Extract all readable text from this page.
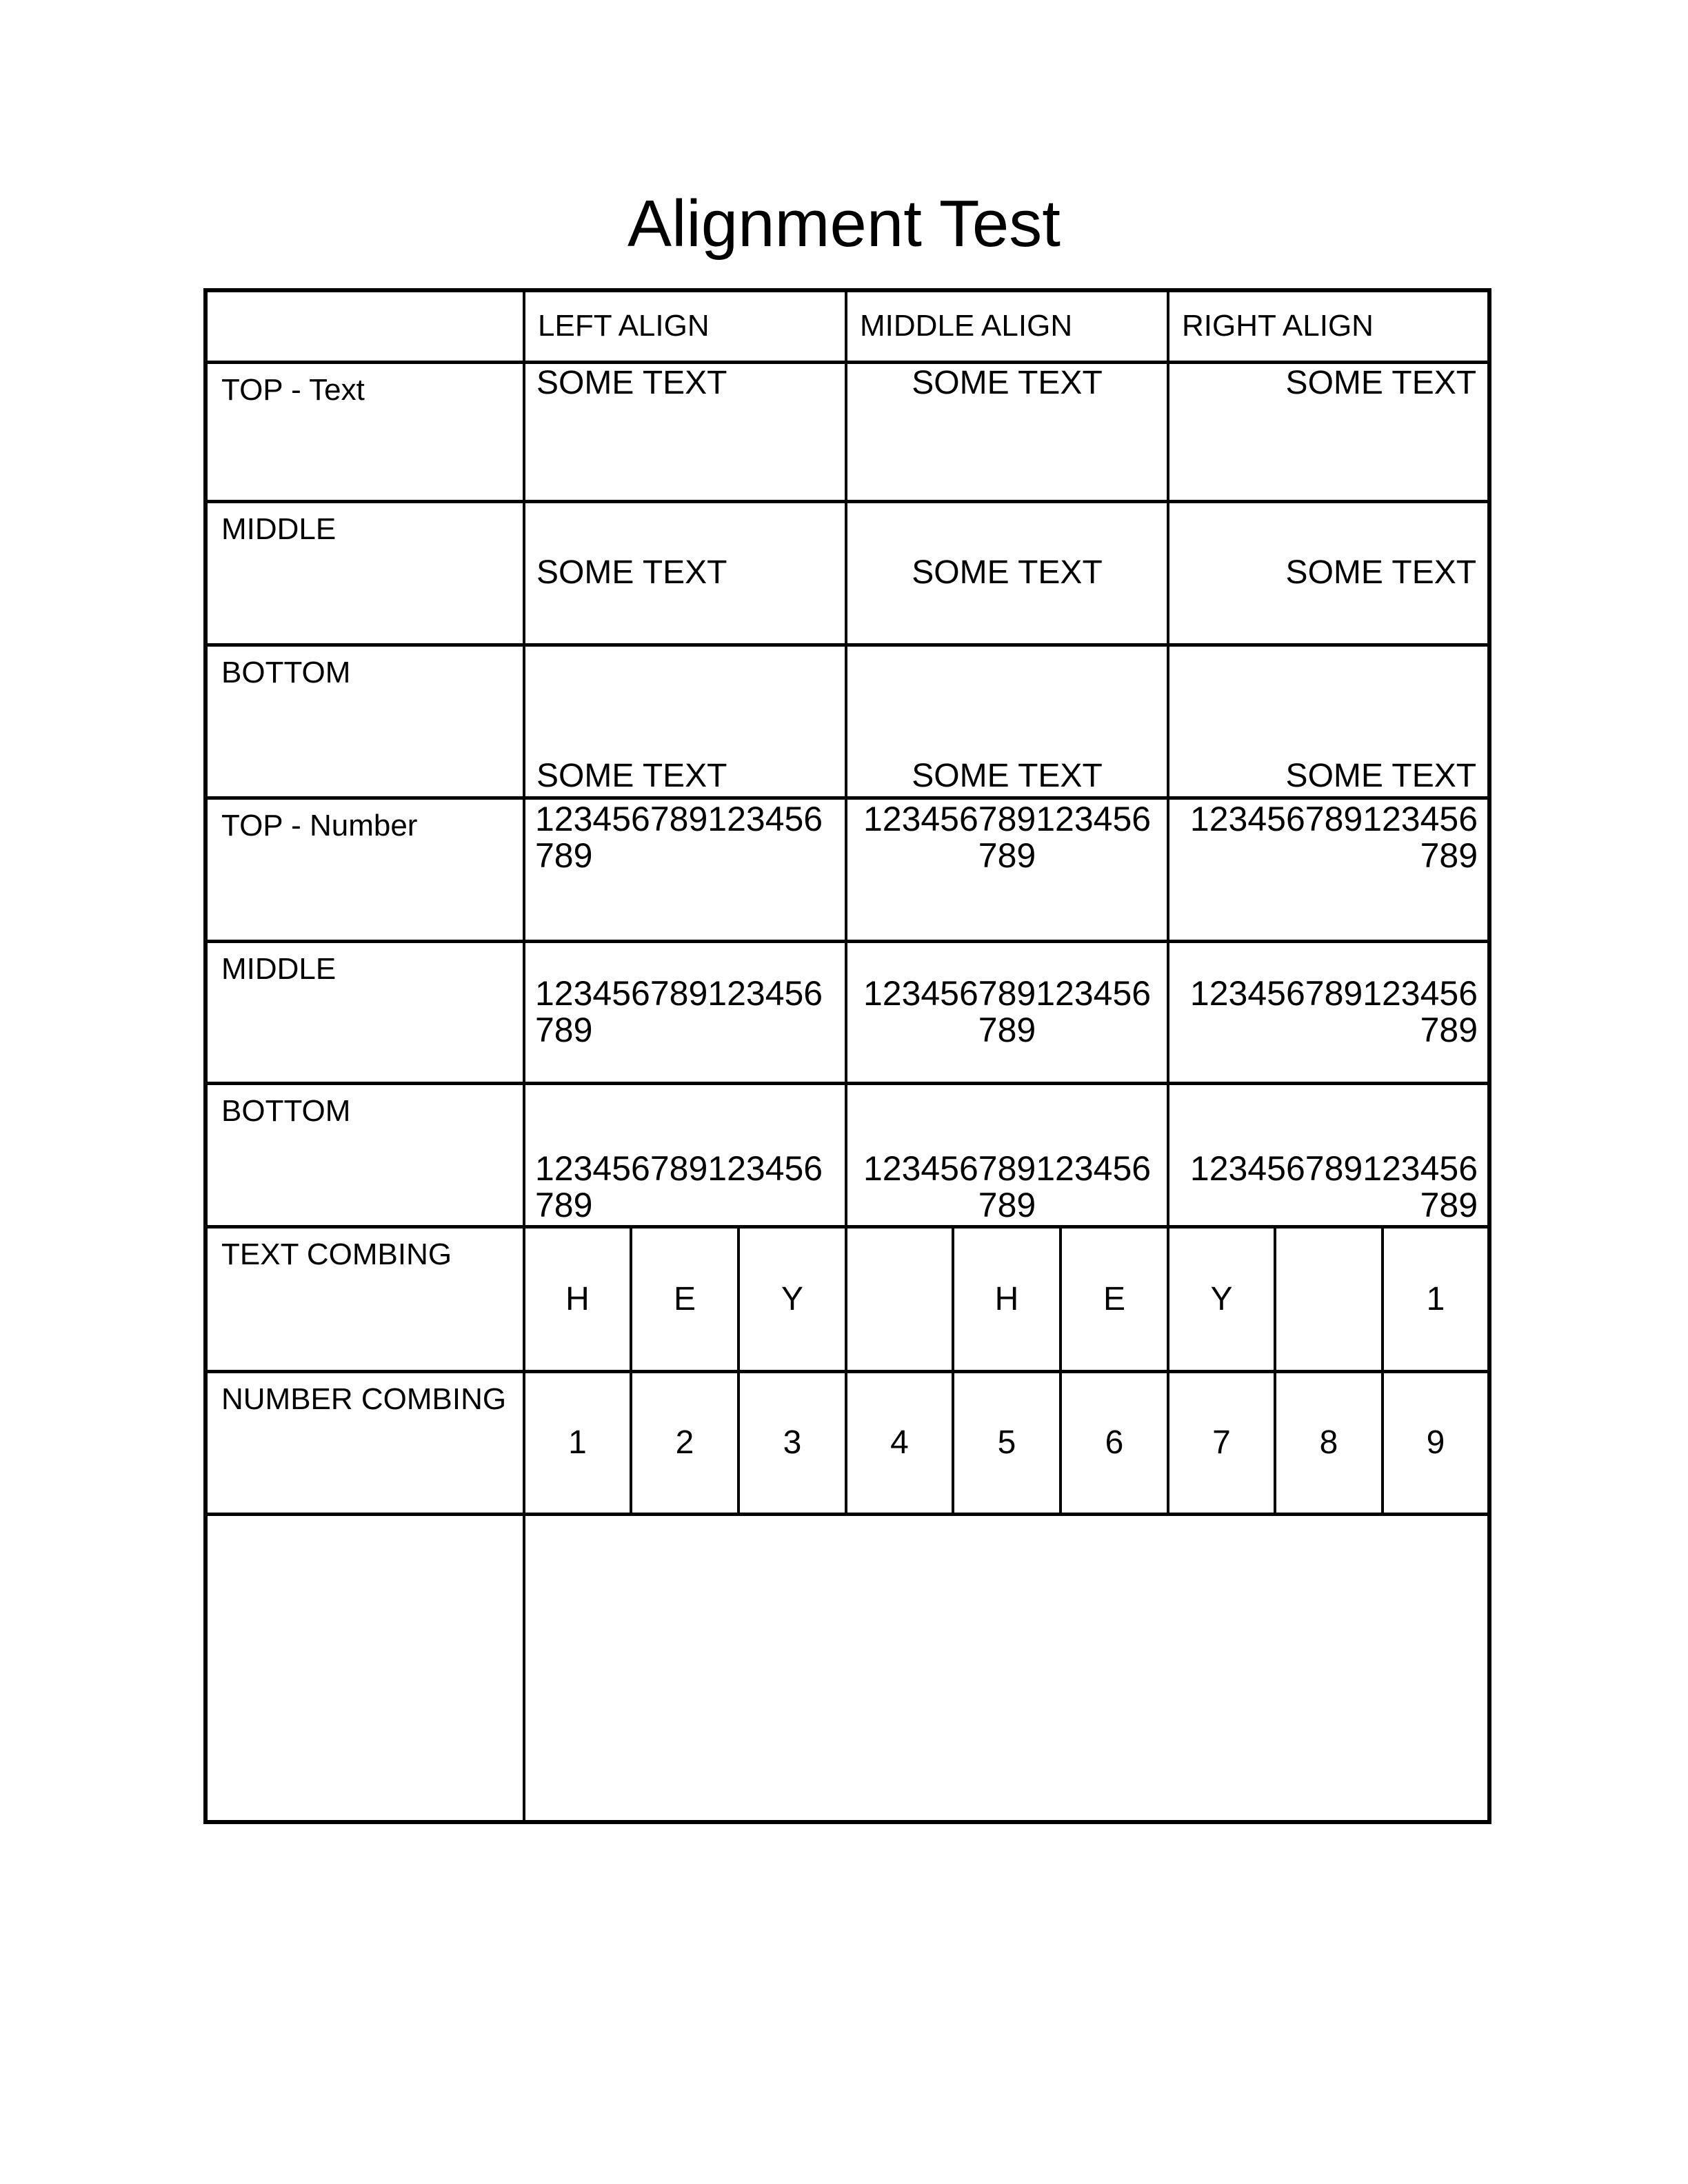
Alignment Test
	LEFT ALIGN			MIDDLE ALIGN			RIGHT ALIGN		
TOP - Text	SOME TEXT			SOME TEXT			SOME TEXT		
MIDDLE	SOME TEXT			SOME TEXT			SOME TEXT		
BOTTOM	SOME TEXT			SOME TEXT			SOME TEXT		
TOP - Number	123456789123456789			123456789123456789			123456789123456789		
MIDDLE	123456789123456789			123456789123456789			123456789123456789		
BOTTOM	123456789123456789			123456789123456789			123456789123456789		
TEXT COMBING	H	E	Y		H	E	Y		1
NUMBER COMBING	1	2	3	4	5	6	7	8	9
